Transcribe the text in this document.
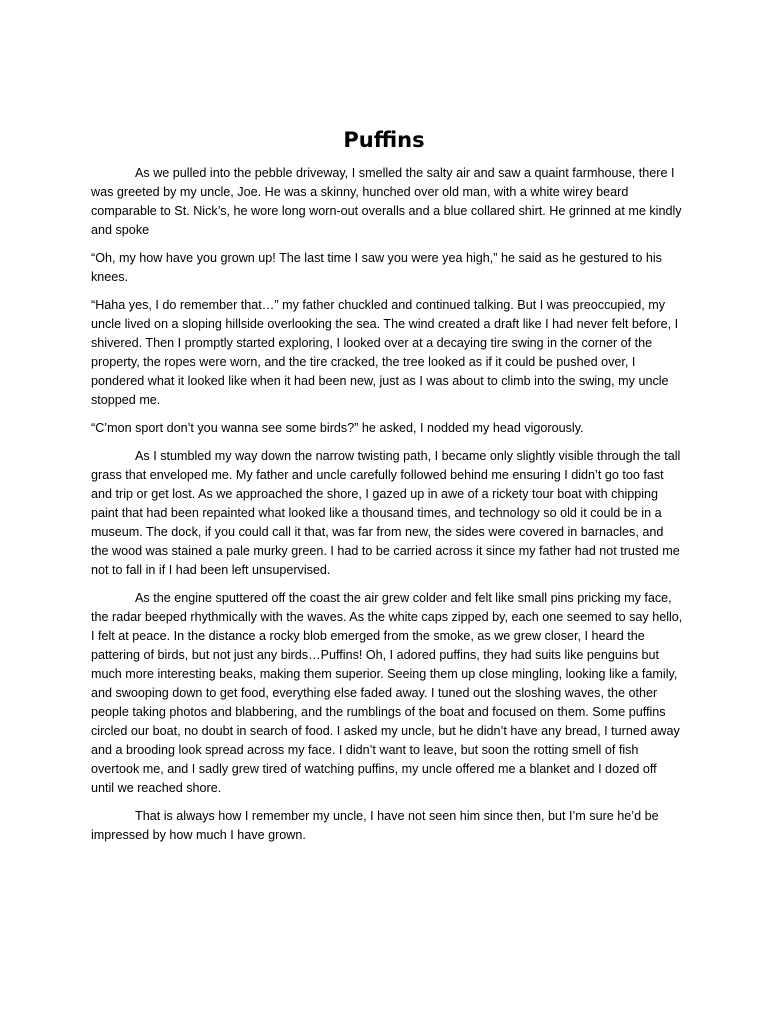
Puffins

As we pulled into the pebble driveway, I smelled the salty air and saw a quaint farmhouse, there I was greeted by my uncle, Joe. He was a skinny, hunched over old man, with a white wirey beard comparable to St. Nick’s, he wore long worn-out overalls and a blue collared shirt. He grinned at me kindly and spoke

“Oh, my how have you grown up! The last time I saw you were yea high,” he said as he gestured to his knees.

“Haha yes, I do remember that…” my father chuckled and continued talking. But I was preoccupied, my uncle lived on a sloping hillside overlooking the sea. The wind created a draft like I had never felt before, I shivered. Then I promptly started exploring, I looked over at a decaying tire swing in the corner of the property, the ropes were worn, and the tire cracked, the tree looked as if it could be pushed over, I pondered what it looked like when it had been new, just as I was about to climb into the swing, my uncle stopped me.

“C’mon sport don’t you wanna see some birds?” he asked, I nodded my head vigorously.

As I stumbled my way down the narrow twisting path, I became only slightly visible through the tall grass that enveloped me. My father and uncle carefully followed behind me ensuring I didn’t go too fast and trip or get lost. As we approached the shore, I gazed up in awe of a rickety tour boat with chipping paint that had been repainted what looked like a thousand times, and technology so old it could be in a museum. The dock, if you could call it that, was far from new, the sides were covered in barnacles, and the wood was stained a pale murky green. I had to be carried across it since my father had not trusted me not to fall in if I had been left unsupervised.

As the engine sputtered off the coast the air grew colder and felt like small pins pricking my face, the radar beeped rhythmically with the waves. As the white caps zipped by, each one seemed to say hello, I felt at peace. In the distance a rocky blob emerged from the smoke, as we grew closer, I heard the pattering of birds, but not just any birds…Puffins! Oh, I adored puffins, they had suits like penguins but much more interesting beaks, making them superior. Seeing them up close mingling, looking like a family, and swooping down to get food, everything else faded away. I tuned out the sloshing waves, the other people taking photos and blabbering, and the rumblings of the boat and focused on them. Some puffins circled our boat, no doubt in search of food. I asked my uncle, but he didn’t have any bread, I turned away and a brooding look spread across my face. I didn’t want to leave, but soon the rotting smell of fish overtook me, and I sadly grew tired of watching puffins, my uncle offered me a blanket and I dozed off until we reached shore.

That is always how I remember my uncle, I have not seen him since then, but I’m sure he’d be impressed by how much I have grown.
